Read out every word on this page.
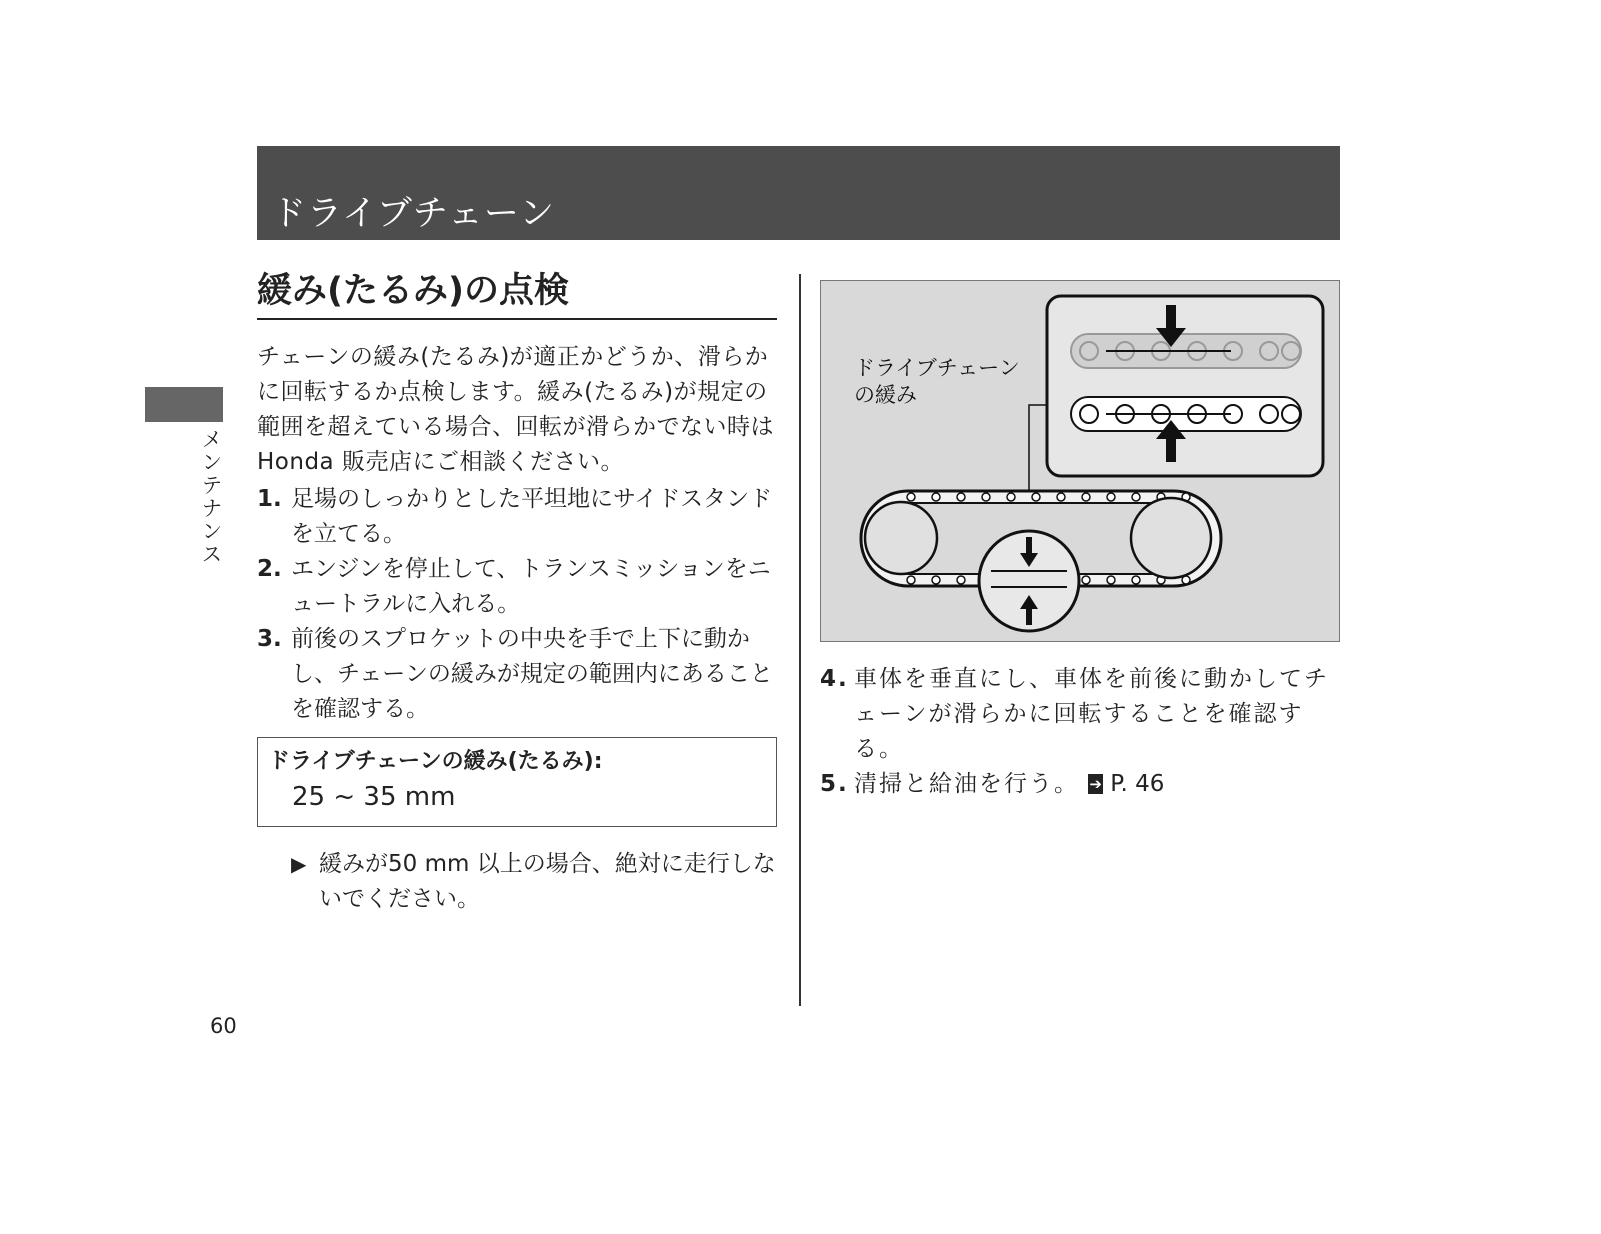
ドライブチェーン
メンテナンス
緩み(たるみ)の点検
チェーンの緩み(たるみ)が適正かどうか、滑らかに回転するか点検します。緩み(たるみ)が規定の範囲を超えている場合、回転が滑らかでない時は Honda 販売店にご相談ください。
1. 足場のしっかりとした平坦地にサイドスタンドを立てる。
2. エンジンを停止して、トランスミッションをニュートラルに入れる。
3. 前後のスプロケットの中央を手で上下に動かし、チェーンの緩みが規定の範囲内にあることを確認する。
ドライブチェーンの緩み(たるみ):
25 ~ 35 mm
▶ 緩みが50 mm 以上の場合、絶対に走行しないでください。
ドライブチェーン
の緩み
4. 車体を垂直にし、車体を前後に動かしてチェーンが滑らかに回転することを確認する。
5. 清掃と給油を行う。 ➔ P. 46
60
